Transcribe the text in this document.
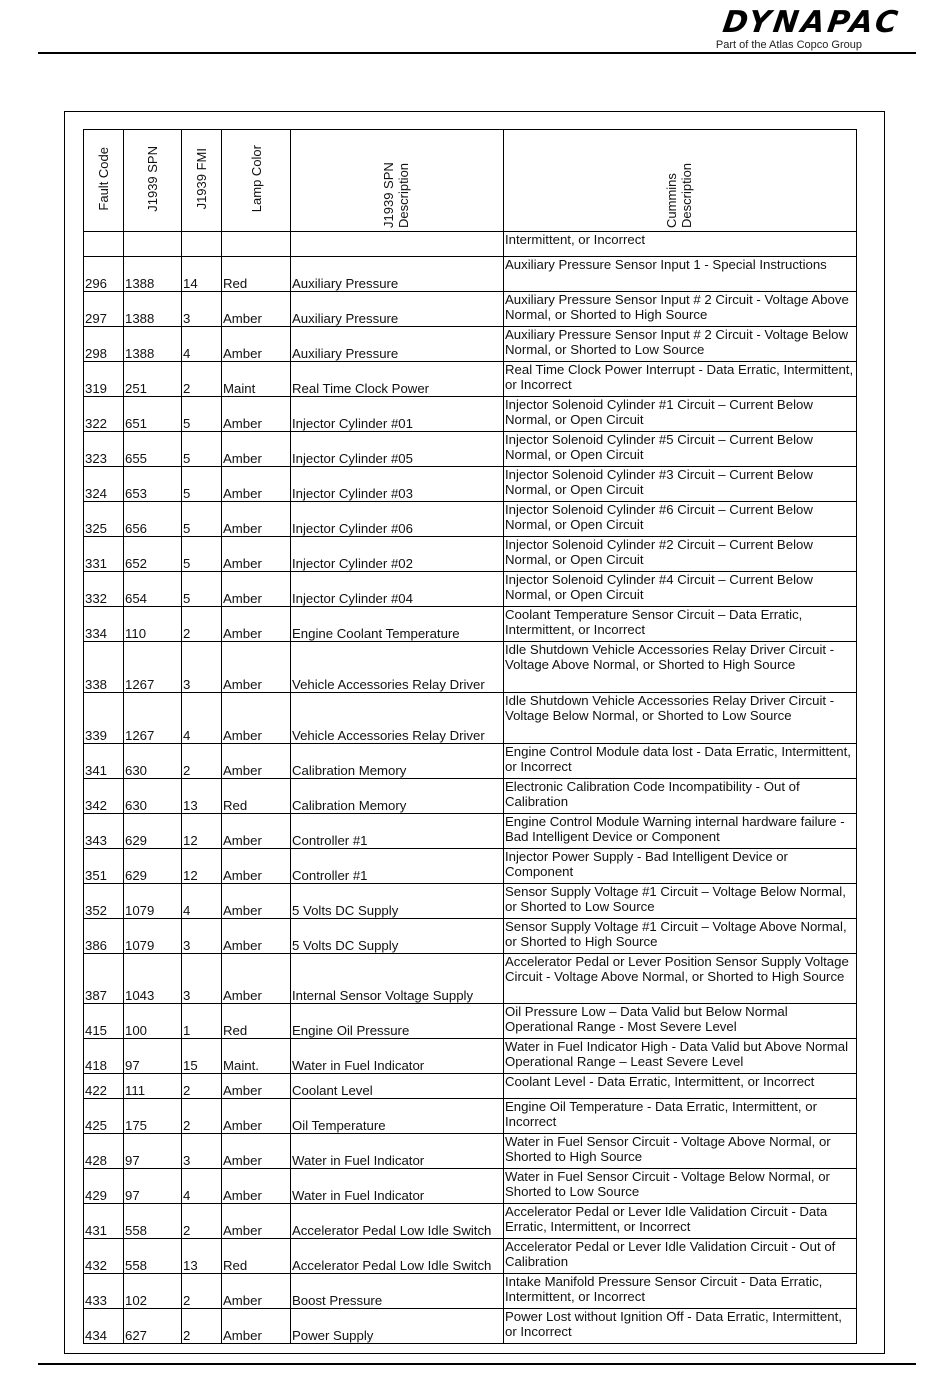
DYNAPAC
Part of the Atlas Copco Group
Fault Code	J1939 SPN	J1939 FMI	Lamp Color	J1939 SPN Description	Cummins Description
					Intermittent, or Incorrect
296	1388	14	Red	Auxiliary Pressure	Auxiliary Pressure Sensor Input 1 - Special Instructions
297	1388	3	Amber	Auxiliary Pressure	Auxiliary Pressure Sensor Input # 2 Circuit - Voltage Above Normal, or Shorted to High Source
298	1388	4	Amber	Auxiliary Pressure	Auxiliary Pressure Sensor Input # 2 Circuit - Voltage Below Normal, or Shorted to Low Source
319	251	2	Maint	Real Time Clock Power	Real Time Clock Power Interrupt - Data Erratic, Intermittent, or Incorrect
322	651	5	Amber	Injector Cylinder #01	Injector Solenoid Cylinder #1 Circuit – Current Below Normal, or Open Circuit
323	655	5	Amber	Injector Cylinder #05	Injector Solenoid Cylinder #5 Circuit – Current Below Normal, or Open Circuit
324	653	5	Amber	Injector Cylinder #03	Injector Solenoid Cylinder #3 Circuit – Current Below Normal, or Open Circuit
325	656	5	Amber	Injector Cylinder #06	Injector Solenoid Cylinder #6 Circuit – Current Below Normal, or Open Circuit
331	652	5	Amber	Injector Cylinder #02	Injector Solenoid Cylinder #2 Circuit – Current Below Normal, or Open Circuit
332	654	5	Amber	Injector Cylinder #04	Injector Solenoid Cylinder #4 Circuit – Current Below Normal, or Open Circuit
334	110	2	Amber	Engine Coolant Temperature	Coolant Temperature Sensor Circuit – Data Erratic, Intermittent, or Incorrect
338	1267	3	Amber	Vehicle Accessories Relay Driver	Idle Shutdown Vehicle Accessories Relay Driver Circuit - Voltage Above Normal, or Shorted to High Source
339	1267	4	Amber	Vehicle Accessories Relay Driver	Idle Shutdown Vehicle Accessories Relay Driver Circuit - Voltage Below Normal, or Shorted to Low Source
341	630	2	Amber	Calibration Memory	Engine Control Module data lost - Data Erratic, Intermittent, or Incorrect
342	630	13	Red	Calibration Memory	Electronic Calibration Code Incompatibility - Out of Calibration
343	629	12	Amber	Controller #1	Engine Control Module Warning internal hardware failure - Bad Intelligent Device or Component
351	629	12	Amber	Controller #1	Injector Power Supply - Bad Intelligent Device or Component
352	1079	4	Amber	5 Volts DC Supply	Sensor Supply Voltage #1 Circuit – Voltage Below Normal, or Shorted to Low Source
386	1079	3	Amber	5 Volts DC Supply	Sensor Supply Voltage #1 Circuit – Voltage Above Normal, or Shorted to High Source
387	1043	3	Amber	Internal Sensor Voltage Supply	Accelerator Pedal or Lever Position Sensor Supply Voltage Circuit - Voltage Above Normal, or Shorted to High Source
415	100	1	Red	Engine Oil Pressure	Oil Pressure Low – Data Valid but Below Normal Operational Range - Most Severe Level
418	97	15	Maint.	Water in Fuel Indicator	Water in Fuel Indicator High - Data Valid but Above Normal Operational Range – Least Severe Level
422	111	2	Amber	Coolant Level	Coolant Level - Data Erratic, Intermittent, or Incorrect
425	175	2	Amber	Oil Temperature	Engine Oil Temperature - Data Erratic, Intermittent, or Incorrect
428	97	3	Amber	Water in Fuel Indicator	Water in Fuel Sensor Circuit - Voltage Above Normal, or Shorted to High Source
429	97	4	Amber	Water in Fuel Indicator	Water in Fuel Sensor Circuit - Voltage Below Normal, or Shorted to Low Source
431	558	2	Amber	Accelerator Pedal Low Idle Switch	Accelerator Pedal or Lever Idle Validation Circuit - Data Erratic, Intermittent, or Incorrect
432	558	13	Red	Accelerator Pedal Low Idle Switch	Accelerator Pedal or Lever Idle Validation Circuit - Out of Calibration
433	102	2	Amber	Boost Pressure	Intake Manifold Pressure Sensor Circuit - Data Erratic, Intermittent, or Incorrect
434	627	2	Amber	Power Supply	Power Lost without Ignition Off - Data Erratic, Intermittent, or Incorrect
